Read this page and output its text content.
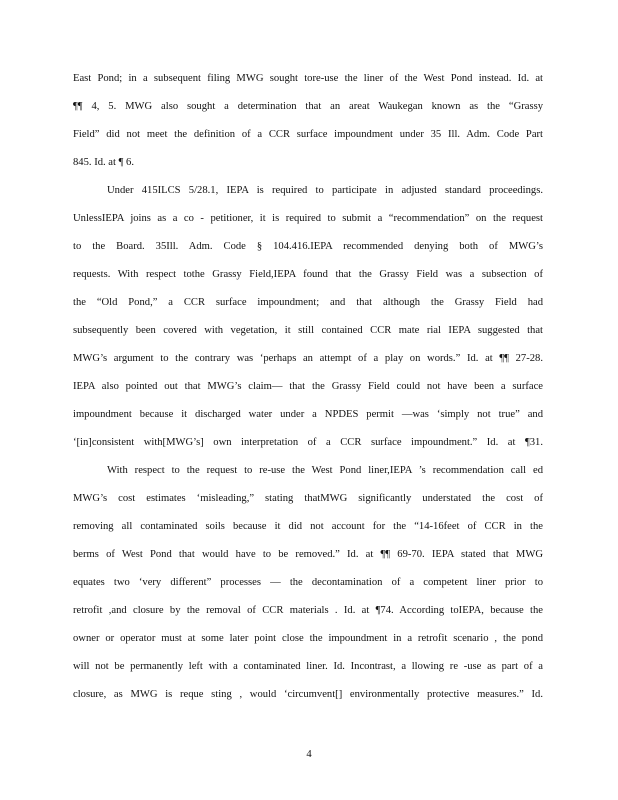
East Pond; in a subsequent filing MWG sought tore-use the liner of the West Pond instead. Id. at
¶¶ 4, 5. MWG also sought a determination that an areat Waukegan known as the “Grassy
Field” did not meet the definition of a CCR surface impoundment under 35 Ill. Adm. Code Part
845. Id. at ¶ 6.
Under 415ILCS 5/28.1, IEPA is required to participate in adjusted standard proceedings.
UnlessIEPA joins as a co - petitioner, it is required to submit a “recommendation” on the request
to the Board. 35Ill. Adm. Code § 104.416.IEPA recommended denying both of MWG’s
requests. With respect tothe Grassy Field,IEPA found that the Grassy Field was a subsection of
the “Old Pond,” a CCR surface impoundment; and that although the Grassy Field had
subsequently been covered with vegetation, it still contained CCR mate rial IEPA suggested that
MWG’s argument to the contrary was ‘perhaps an attempt of a play on words.” Id. at ¶¶ 27-28.
IEPA also pointed out that MWG’s claim— that the Grassy Field could not have been a surface
impoundment because it discharged water under a NPDES permit —was ‘simply not true” and
‘[in]consistent with[MWG’s] own interpretation of a CCR surface impoundment.” Id. at ¶31.
With respect to the request to re-use the West Pond liner,IEPA ’s recommendation call ed
MWG’s cost estimates ‘misleading,” stating thatMWG significantly understated the cost of
removing all contaminated soils because it did not account for the “14-16feet of CCR in the
berms of West Pond that would have to be removed.” Id. at ¶¶ 69-70. IEPA stated that MWG
equates two ‘very different” processes — the decontamination of a competent liner prior to
retrofit ,and closure by the removal of CCR materials . Id. at ¶74. According toIEPA, because the
owner or operator must at some later point close the impoundment in a retrofit scenario , the pond
will not be permanently left with a contaminated liner. Id. Incontrast, a llowing re -use as part of a
closure, as MWG is reque sting , would ‘circumvent[] environmentally protective measures.” Id.
4
